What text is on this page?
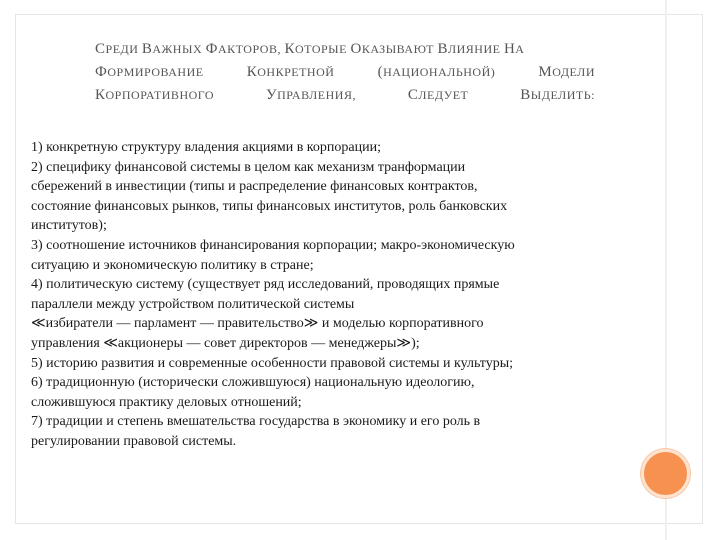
СРЕДИ ВАЖНЫХ ФАКТОРОВ, КОТОРЫЕ ОКАЗЫВАЮТ ВЛИЯНИЕ НА
ФОРМИРОВАНИЕ	КОНКРЕТНОЙ	(НАЦИОНАЛЬНОЙ)	МОДЕЛИ
КОРПОРАТИВНОГО	УПРАВЛЕНИЯ,	СЛЕДУЕТ	ВЫДЕЛИТЬ:
1) конкретную структуру владения акциями в корпорации;
2) специфику финансовой системы в целом как механизм транформации
сбережений в инвестиции (типы и распределение финансовых контрактов,
состояние финансовых рынков, типы финансовых институтов, роль банковских
институтов);
3) соотношение источников финансирования корпорации; макро-экономическую
ситуацию и экономическую политику в стране;
4) политическую систему (существует ряд исследований, проводящих прямые
параллели между устройством политической системы
≪избиратели — парламент — правительство≫ и моделью корпоративного
управления ≪акционеры — совет директоров — менеджеры≫);
5) историю развития и современные особенности правовой системы и культуры;
6) традиционную (исторически сложившуюся) национальную идеологию,
сложившуюся практику деловых отношений;
7) традиции и степень вмешательства государства в экономику и его роль в
регулировании правовой системы.
